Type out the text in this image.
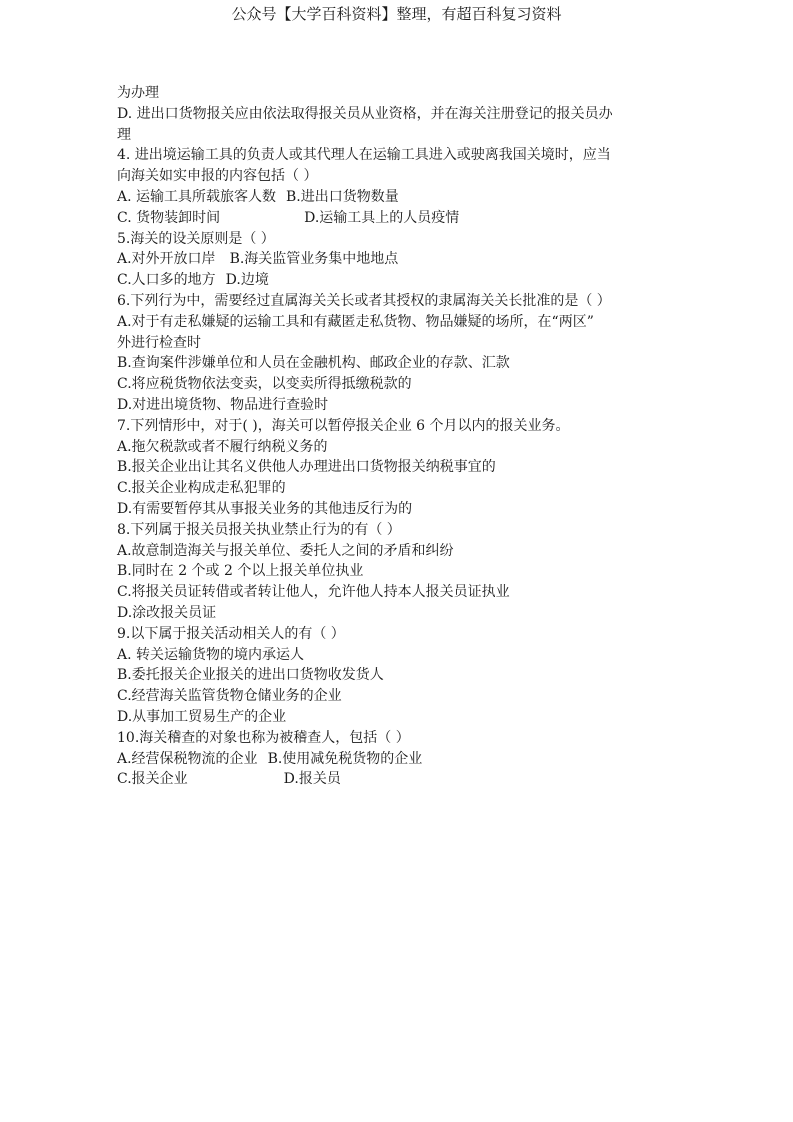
公众号【大学百科资料】整理，有超百科复习资料
为办理
D. 进出口货物报关应由依法取得报关员从业资格，并在海关注册登记的报关员办
理
4. 进出境运输工具的负责人或其代理人在运输工具进入或驶离我国关境时，应当
向海关如实申报的内容包括（ ）
A. 运输工具所载旅客人数 B.进出口货物数量
C. 货物装卸时间	D.运输工具上的人员疫情
5.海关的设关原则是（ ）
A.对外开放口岸 B.海关监管业务集中地地点
C.人口多的地方 D.边境
6.下列行为中，需要经过直属海关关长或者其授权的隶属海关关长批准的是（ ）
A.对于有走私嫌疑的运输工具和有藏匿走私货物、物品嫌疑的场所，在“两区”
外进行检查时
B.查询案件涉嫌单位和人员在金融机构、邮政企业的存款、汇款
C.将应税货物依法变卖，以变卖所得抵缴税款的
D.对进出境货物、物品进行查验时
7.下列情形中，对于( )，海关可以暂停报关企业 6 个月以内的报关业务。
A.拖欠税款或者不履行纳税义务的
B.报关企业出让其名义供他人办理进出口货物报关纳税事宜的
C.报关企业构成走私犯罪的
D.有需要暂停其从事报关业务的其他违反行为的
8.下列属于报关员报关执业禁止行为的有（ ）
A.故意制造海关与报关单位、委托人之间的矛盾和纠纷
B.同时在 2 个或 2 个以上报关单位执业
C.将报关员证转借或者转让他人，允许他人持本人报关员证执业
D.涂改报关员证
9.以下属于报关活动相关人的有（ ）
A. 转关运输货物的境内承运人
B.委托报关企业报关的进出口货物收发货人
C.经营海关监管货物仓储业务的企业
D.从事加工贸易生产的企业
10.海关稽查的对象也称为被稽查人，包括（ ）
A.经营保税物流的企业 B.使用减免税货物的企业
C.报关企业	D.报关员
